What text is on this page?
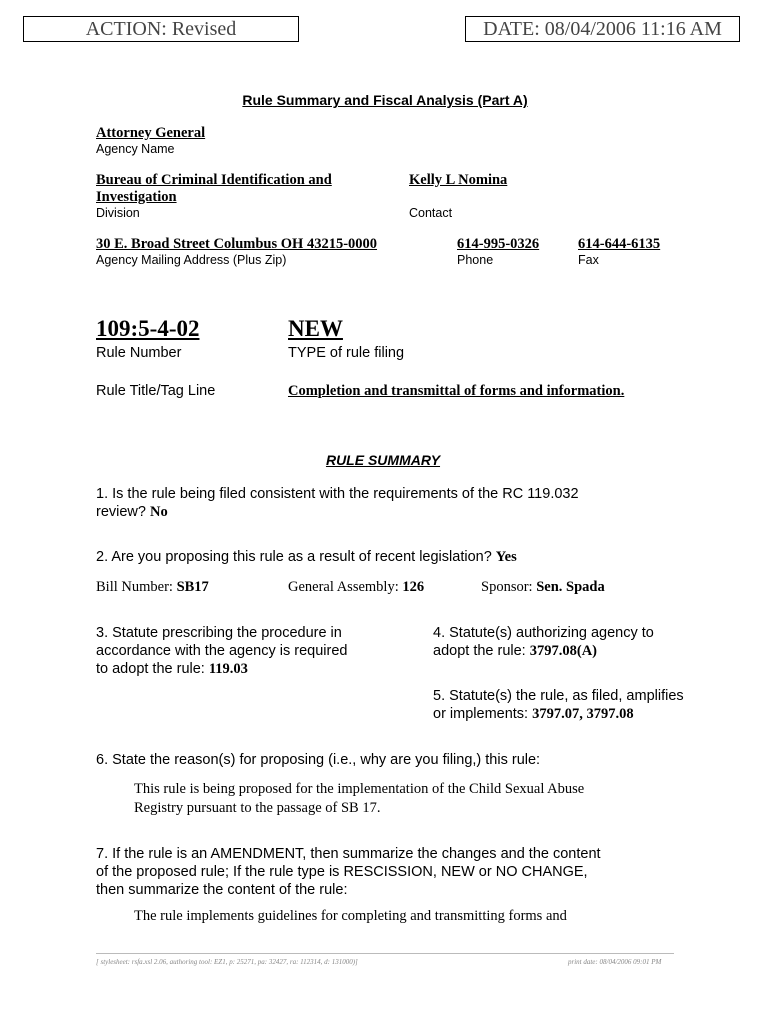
ACTION: Revised	DATE: 08/04/2006 11:16 AM
Rule Summary and Fiscal Analysis (Part A)
Attorney General
Agency Name
Bureau of Criminal Identification and
Investigation
Division
Kelly L Nomina
Contact
30 E. Broad Street Columbus OH 43215-0000
Agency Mailing Address (Plus Zip)
614-995-0326
Phone
614-644-6135
Fax
109:5-4-02
Rule Number
NEW
TYPE of rule filing
Rule Title/Tag Line	Completion and transmittal of forms and information.
RULE SUMMARY
1. Is the rule being filed consistent with the requirements of the RC 119.032
review? No
2. Are you proposing this rule as a result of recent legislation? Yes
Bill Number: SB17	General Assembly: 126	Sponsor: Sen. Spada
3. Statute prescribing the procedure in
accordance with the agency is required
to adopt the rule: 119.03
4. Statute(s) authorizing agency to
adopt the rule: 3797.08(A)
5. Statute(s) the rule, as filed, amplifies
or implements: 3797.07, 3797.08
6. State the reason(s) for proposing (i.e., why are you filing,) this rule:
This rule is being proposed for the implementation of the Child Sexual Abuse
Registry pursuant to the passage of SB 17.
7. If the rule is an AMENDMENT, then summarize the changes and the content
of the proposed rule; If the rule type is RESCISSION, NEW or NO CHANGE,
then summarize the content of the rule:
The rule implements guidelines for completing and transmitting forms and
[ stylesheet: rsfa.xsl 2.06, authoring tool: EZ1, p: 25271, pa: 32427, ra: 112314, d: 131000)]	print date: 08/04/2006 09:01 PM
